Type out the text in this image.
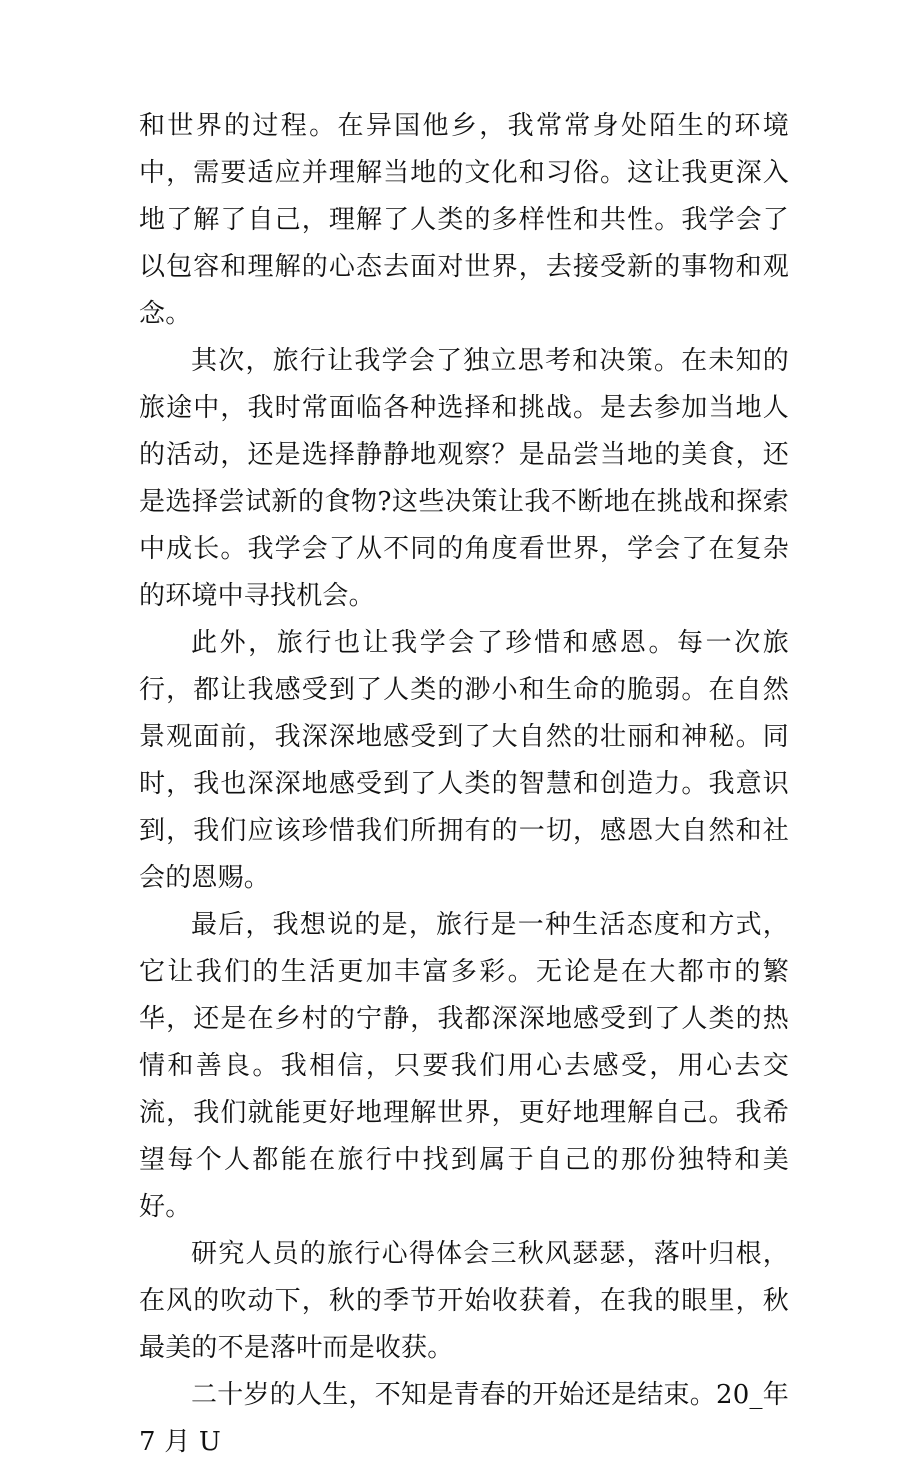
和世界的过程。在异国他乡，我常常身处陌生的环境中，需要适应并理解当地的文化和习俗。这让我更深入地了解了自己，理解了人类的多样性和共性。我学会了以包容和理解的心态去面对世界，去接受新的事物和观念。

其次，旅行让我学会了独立思考和决策。在未知的旅途中，我时常面临各种选择和挑战。是去参加当地人的活动，还是选择静静地观察？是品尝当地的美食，还是选择尝试新的食物?这些决策让我不断地在挑战和探索中成长。我学会了从不同的角度看世界，学会了在复杂的环境中寻找机会。

此外，旅行也让我学会了珍惜和感恩。每一次旅行，都让我感受到了人类的渺小和生命的脆弱。在自然景观面前，我深深地感受到了大自然的壮丽和神秘。同时，我也深深地感受到了人类的智慧和创造力。我意识到，我们应该珍惜我们所拥有的一切，感恩大自然和社会的恩赐。

最后，我想说的是，旅行是一种生活态度和方式，它让我们的生活更加丰富多彩。无论是在大都市的繁华，还是在乡村的宁静，我都深深地感受到了人类的热情和善良。我相信，只要我们用心去感受，用心去交流，我们就能更好地理解世界，更好地理解自己。我希望每个人都能在旅行中找到属于自己的那份独特和美好。

研究人员的旅行心得体会三秋风瑟瑟，落叶归根，在风的吹动下，秋的季节开始收获着，在我的眼里，秋最美的不是落叶而是收获。

二十岁的人生，不知是青春的开始还是结束。20_年 7 月 U
